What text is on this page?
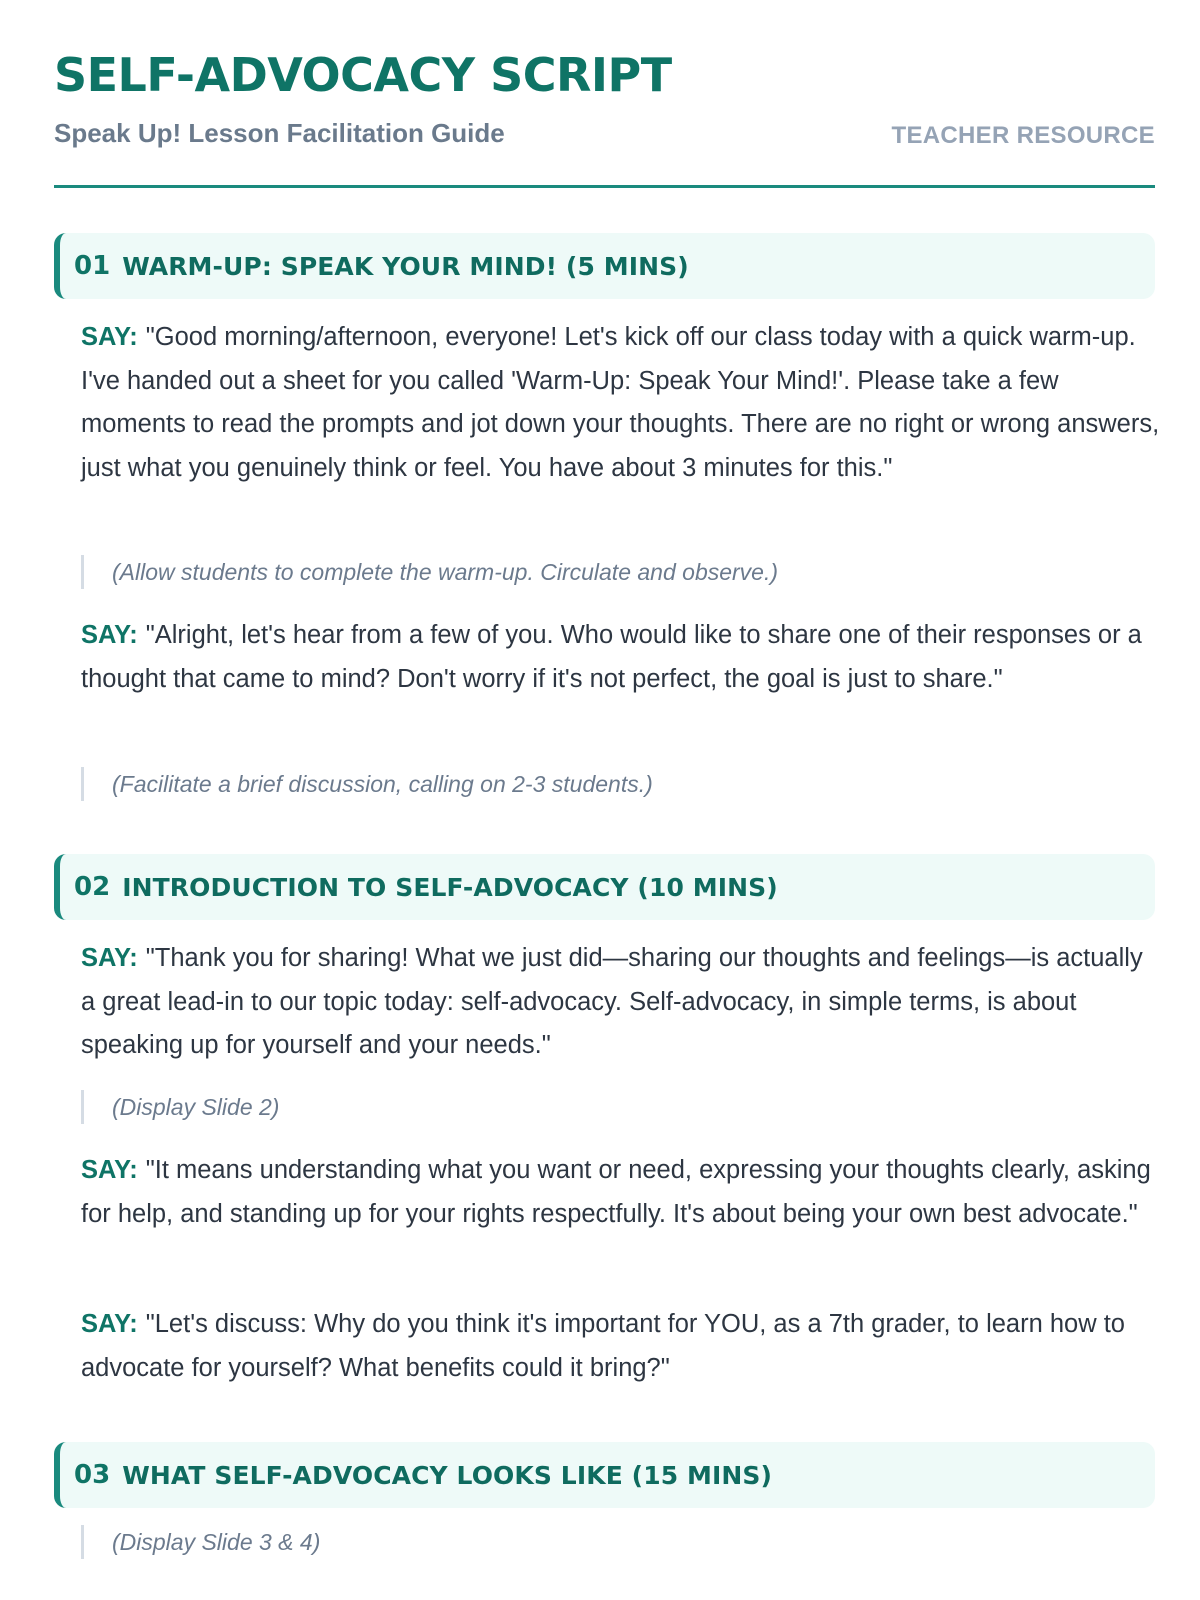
SELF-ADVOCACY SCRIPT
Speak Up! Lesson Facilitation Guide	TEACHER RESOURCE
01 WARM-UP: SPEAK YOUR MIND! (5 MINS)

SAY: "Good morning/afternoon, everyone! Let's kick off our class today with a quick warm-up. I've handed out a sheet for you called 'Warm-Up: Speak Your Mind!'. Please take a few moments to read the prompts and jot down your thoughts. There are no right or wrong answers, just what you genuinely think or feel. You have about 3 minutes for this."

(Allow students to complete the warm-up. Circulate and observe.)

SAY: "Alright, let's hear from a few of you. Who would like to share one of their responses or a thought that came to mind? Don't worry if it's not perfect, the goal is just to share."

(Facilitate a brief discussion, calling on 2-3 students.)
02 INTRODUCTION TO SELF-ADVOCACY (10 MINS)

SAY: "Thank you for sharing! What we just did—sharing our thoughts and feelings—is actually a great lead-in to our topic today: self-advocacy. Self-advocacy, in simple terms, is about speaking up for yourself and your needs."

(Display Slide 2)

SAY: "It means understanding what you want or need, expressing your thoughts clearly, asking for help, and standing up for your rights respectfully. It's about being your own best advocate."

SAY: "Let's discuss: Why do you think it's important for YOU, as a 7th grader, to learn how to advocate for yourself? What benefits could it bring?"

03 WHAT SELF-ADVOCACY LOOKS LIKE (15 MINS)
(Display Slide 3 & 4)
